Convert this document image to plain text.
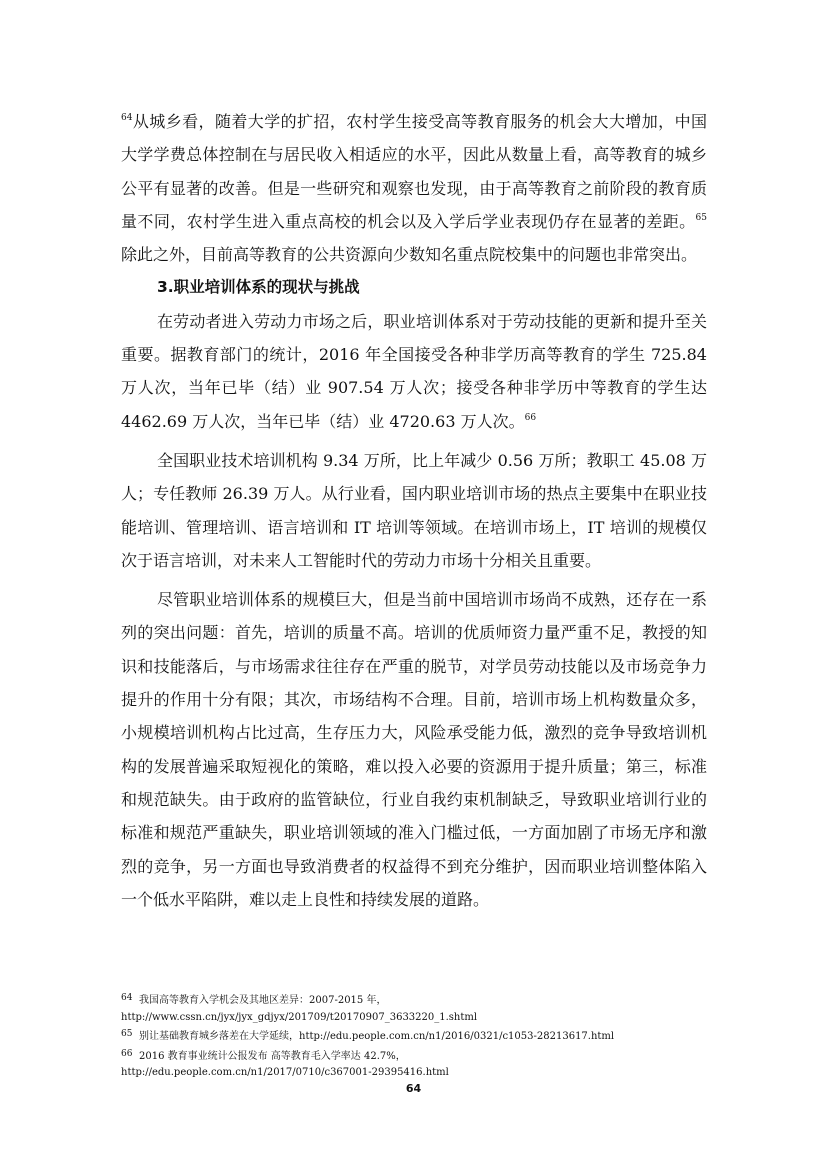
$^{64}$从城乡看，随着大学的扩招，农村学生接受高等教育服务的机会大大增加，中国大学学费总体控制在与居民收入相适应的水平，因此从数量上看，高等教育的城乡公平有显著的改善。但是一些研究和观察也发现，由于高等教育之前阶段的教育质量不同，农村学生进入重点高校的机会以及入学后学业表现仍存在显著的差距。$^{65}$除此之外，目前高等教育的公共资源向少数知名重点院校集中的问题也非常突出。

3.职业培训体系的现状与挑战

在劳动者进入劳动力市场之后，职业培训体系对于劳动技能的更新和提升至关重要。据教育部门的统计，2016 年全国接受各种非学历高等教育的学生 725.84 万人次，当年已毕（结）业 907.54 万人次；接受各种非学历中等教育的学生达 4462.69 万人次，当年已毕（结）业 4720.63 万人次。$^{66}$

全国职业技术培训机构 9.34 万所，比上年减少 0.56 万所；教职工 45.08 万人；专任教师 26.39 万人。从行业看，国内职业培训市场的热点主要集中在职业技能培训、管理培训、语言培训和 IT 培训等领域。在培训市场上，IT 培训的规模仅次于语言培训，对未来人工智能时代的劳动力市场十分相关且重要。

尽管职业培训体系的规模巨大，但是当前中国培训市场尚不成熟，还存在一系列的突出问题：首先，培训的质量不高。培训的优质师资力量严重不足，教授的知识和技能落后，与市场需求往往存在严重的脱节，对学员劳动技能以及市场竞争力提升的作用十分有限；其次，市场结构不合理。目前，培训市场上机构数量众多，小规模培训机构占比过高，生存压力大，风险承受能力低，激烈的竞争导致培训机构的发展普遍采取短视化的策略，难以投入必要的资源用于提升质量；第三，标准和规范缺失。由于政府的监管缺位，行业自我约束机制缺乏，导致职业培训行业的标准和规范严重缺失，职业培训领域的准入门槛过低，一方面加剧了市场无序和激烈的竞争，另一方面也导致消费者的权益得不到充分维护，因而职业培训整体陷入一个低水平陷阱，难以走上良性和持续发展的道路。

64 我国高等教育入学机会及其地区差异：2007-2015 年，

http://www.cssn.cn/jyx/jyx_gdjyx/201709/t20170907_3633220_1.shtml

65 别让基础教育城乡落差在大学延续，http://edu.people.com.cn/n1/2016/0321/c1053-28213617.html

66 2016 教育事业统计公报发布 高等教育毛入学率达 42.7%，

http://edu.people.com.cn/n1/2017/0710/c367001-29395416.html

64
